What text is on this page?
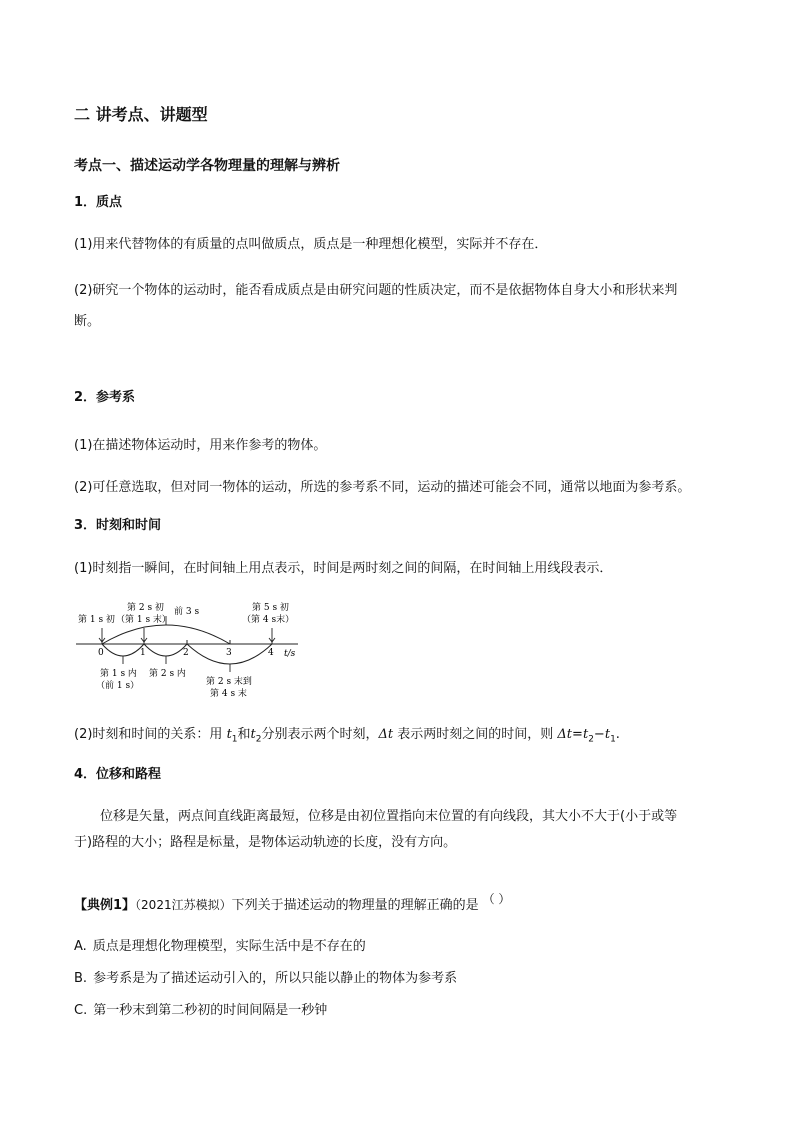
二 讲考点、讲题型
考点一、描述运动学各物理量的理解与辨析
1．质点
(1)用来代替物体的有质量的点叫做质点，质点是一种理想化模型，实际并不存在．
(2)研究一个物体的运动时，能否看成质点是由研究问题的性质决定，而不是依据物体自身大小和形状来判
断。
2．参考系
(1)在描述物体运动时，用来作参考的物体。
(2)可任意选取，但对同一物体的运动，所选的参考系不同，运动的描述可能会不同，通常以地面为参考系。
3．时刻和时间
(1)时刻指一瞬间，在时间轴上用点表示，时间是两时刻之间的间隔，在时间轴上用线段表示．
0	1	2	3	4 t/s
第 1 s 初
第 2 s 初
（第 1 s 末）
前 3 s	第 5 s 初
（第 4 s末）
第 1 s 内
（前 1 s）
第 2 s 内
第 2 s 末到
第 4 s 末
(2)时刻和时间的关系：用 $t_1$和$t_2$分别表示两个时刻，Δt 表示两时刻之间的时间，则 $\Delta t=t_2-t_1$.
4．位移和路程
位移是矢量，两点间直线距离最短，位移是由初位置指向末位置的有向线段，其大小不大于(小于或等
于)路程的大小；路程是标量，是物体运动轨迹的长度，没有方向。
【典例1】（2021江苏模拟）下列关于描述运动的物理量的理解正确的是 （ ）
A. 质点是理想化物理模型，实际生活中是不存在的
B. 参考系是为了描述运动引入的，所以只能以静止的物体为参考系
C. 第一秒末到第二秒初的时间间隔是一秒钟
